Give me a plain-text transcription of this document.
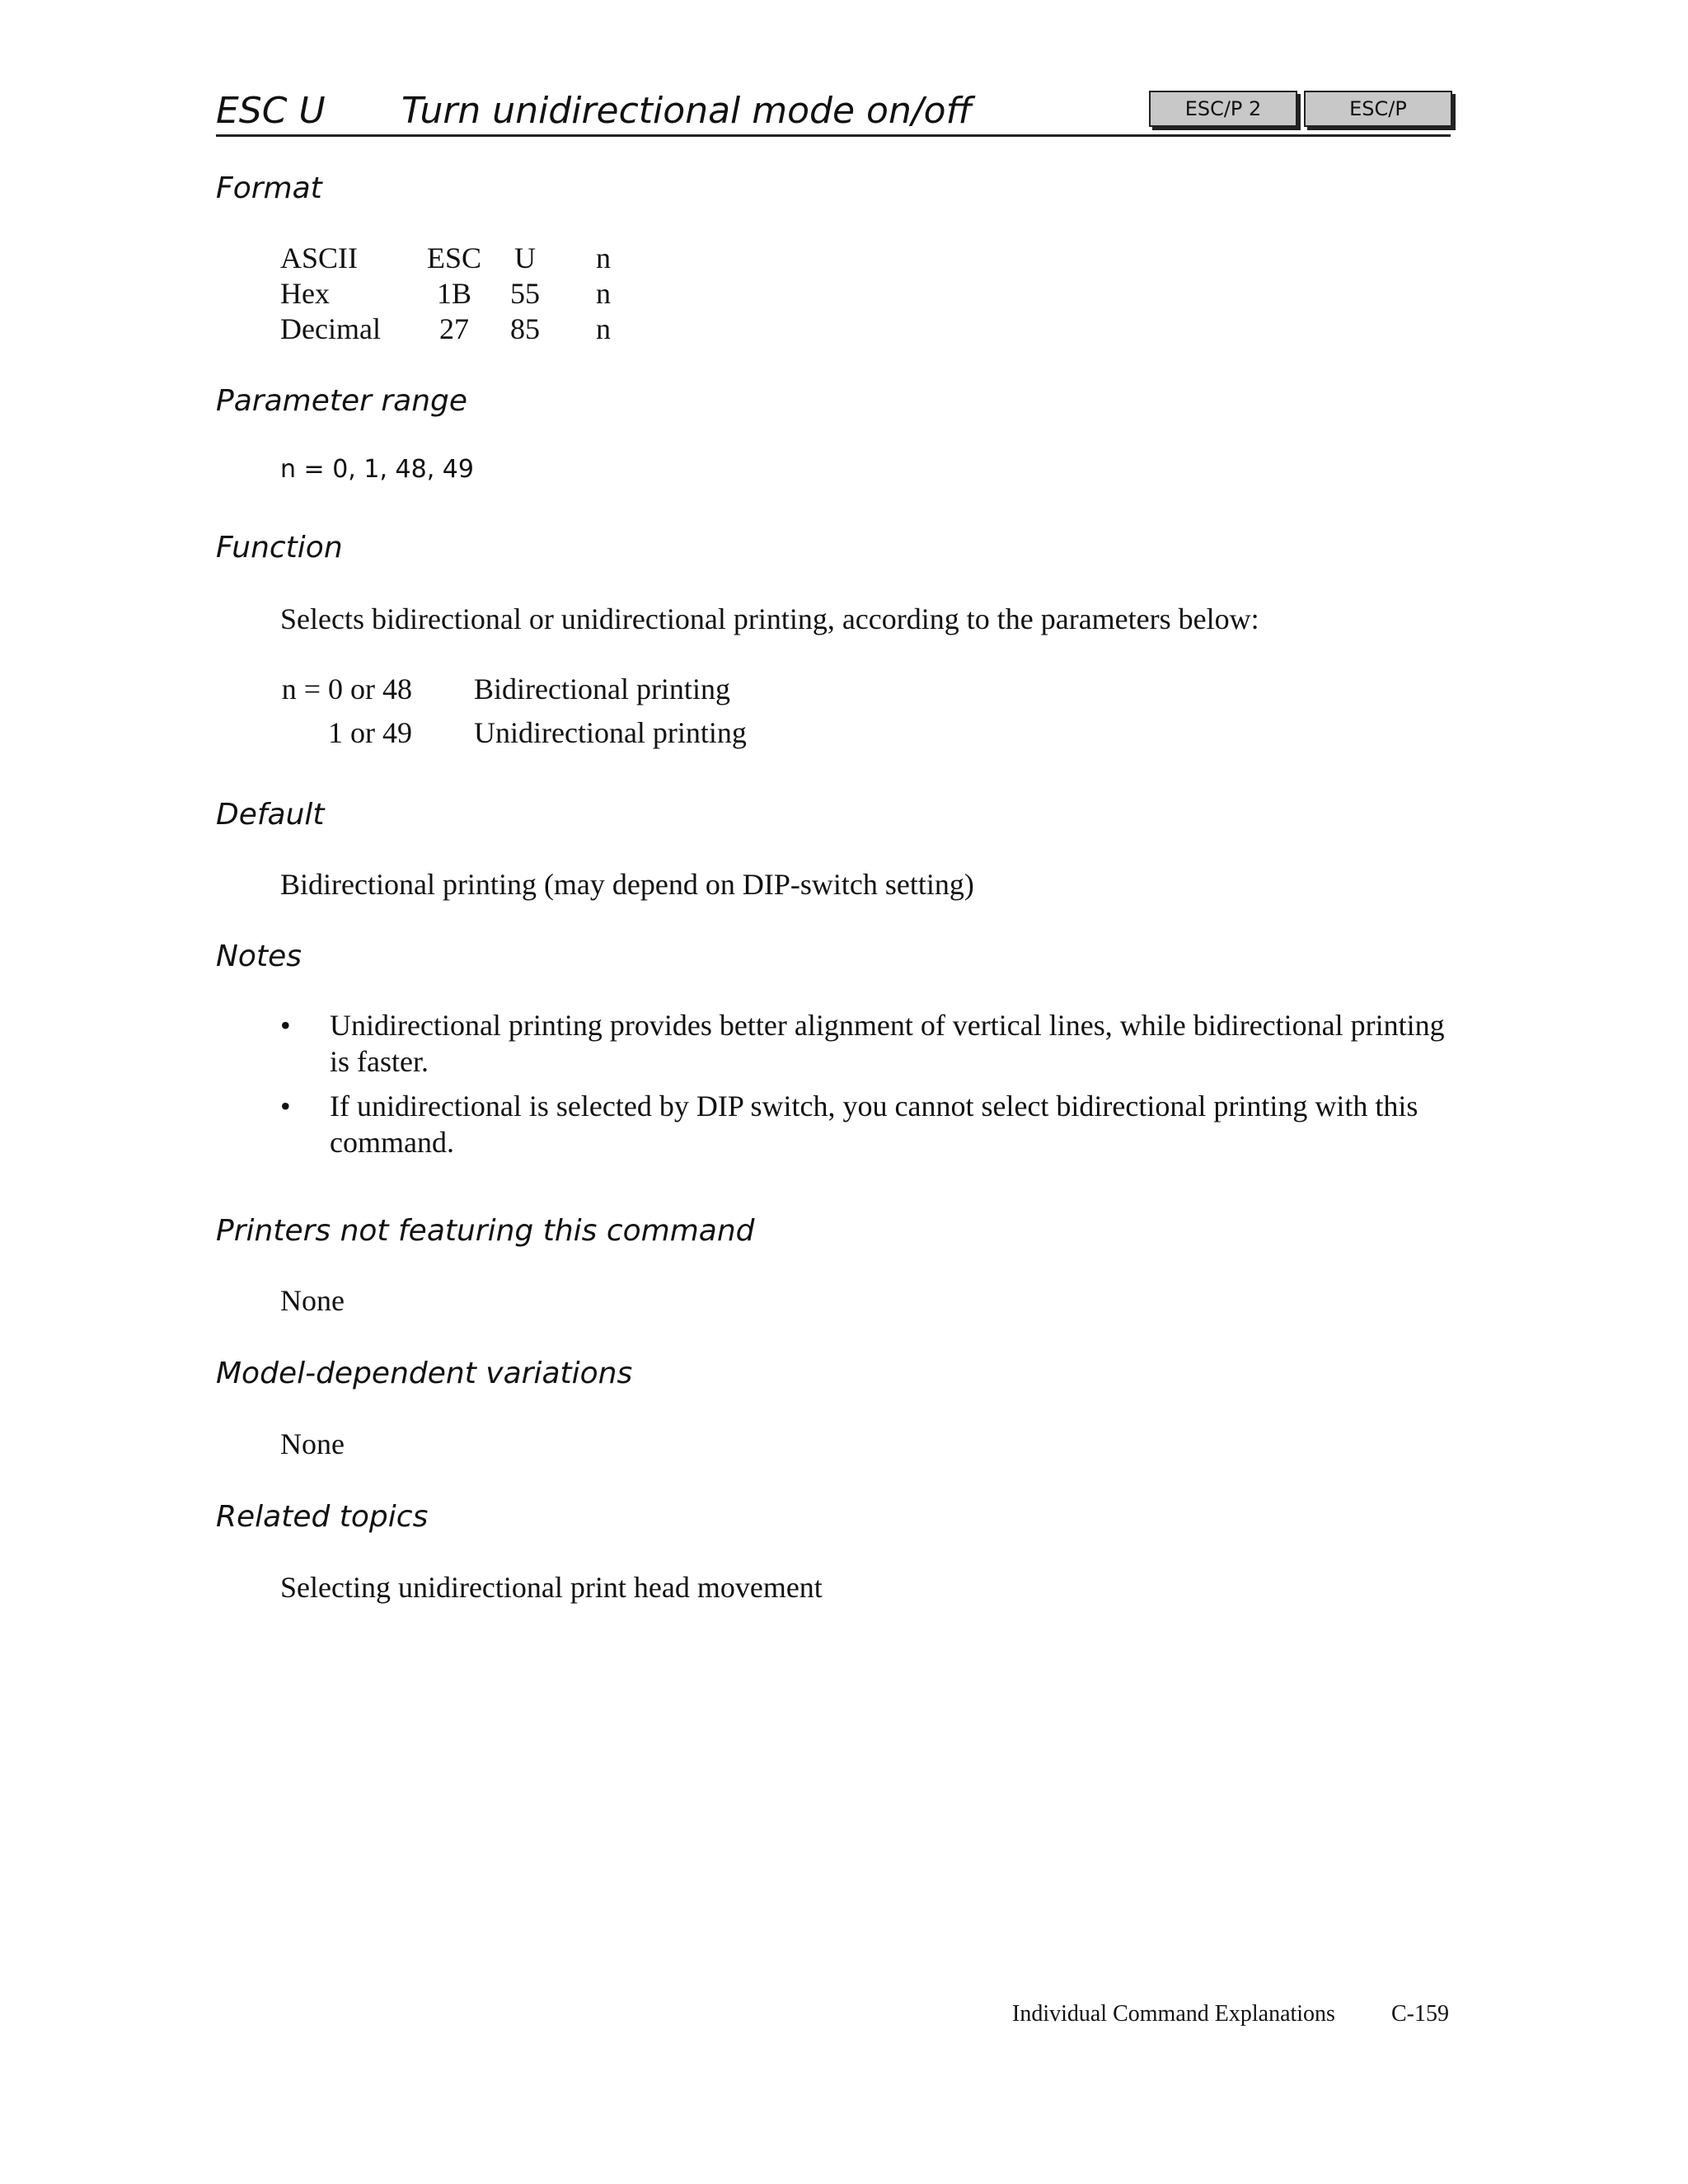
ESC U Turn unidirectional mode on/off	ESC/P 2	ESC/P
Format
ASCII	ESC	U	n
Hex	1B	55	n
Decimal	27	85	n
Parameter range
n = 0, 1, 48, 49
Function
Selects bidirectional or unidirectional printing, according to the parameters below:
n = 0 or 48 Bidirectional printing
1 or 49 Unidirectional printing
Default
Bidirectional printing (may depend on DIP-switch setting)
Notes
• Unidirectional printing provides better alignment of vertical lines, while bidirectional printing is faster.
• If unidirectional is selected by DIP switch, you cannot select bidirectional printing with this command.
Printers not featuring this command
None
Model-dependent variations
None
Related topics
Selecting unidirectional print head movement
Individual Command Explanations C-159
